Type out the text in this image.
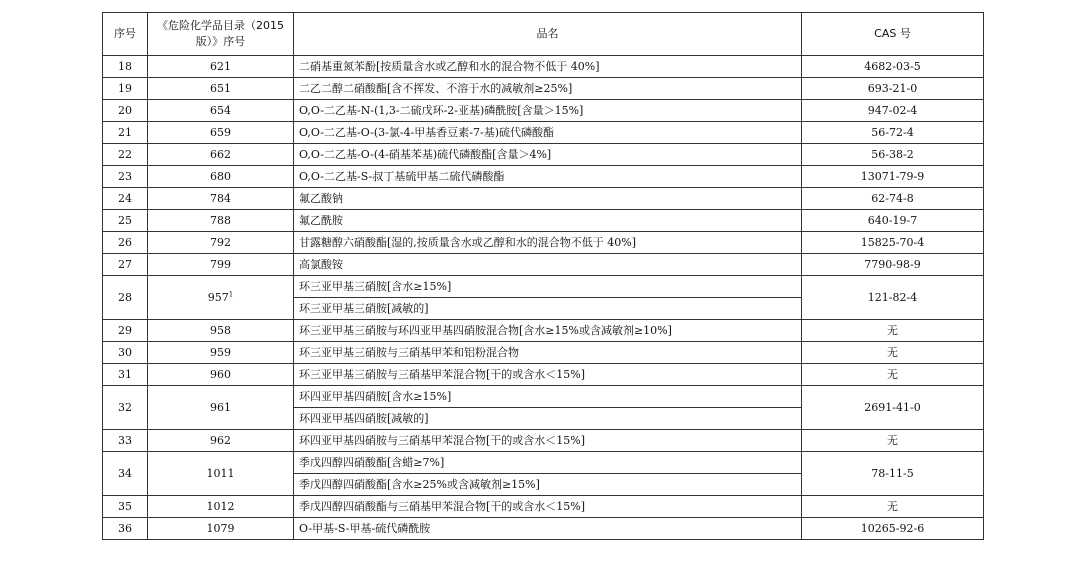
序号	《危险化学品目录（2015版）》序号	品名	CAS 号
18	621	二硝基重氮苯酚[按质量含水或乙醇和水的混合物不低于 40%]	4682-03-5
19	651	二乙二醇二硝酸酯[含不挥发、不溶于水的减敏剂≥25%]	693-21-0
20	654	O,O-二乙基-N-(1,3-二硫戊环-2-亚基)磷酰胺[含量＞15%]	947-02-4
21	659	O,O-二乙基-O-(3-氯-4-甲基香豆素-7-基)硫代磷酸酯	56-72-4
22	662	O,O-二乙基-O-(4-硝基苯基)硫代磷酸酯[含量＞4%]	56-38-2
23	680	O,O-二乙基-S-叔丁基硫甲基二硫代磷酸酯	13071-79-9
24	784	氟乙酸钠	62-74-8
25	788	氟乙酰胺	640-19-7
26	792	甘露糖醇六硝酸酯[湿的,按质量含水或乙醇和水的混合物不低于 40%]	15825-70-4
27	799	高氯酸铵	7790-98-9
28	$957^1$	环三亚甲基三硝胺[含水≥15%]	121-82-4
		环三亚甲基三硝胺[减敏的]	
29	958	环三亚甲基三硝胺与环四亚甲基四硝胺混合物[含水≥15%或含减敏剂≥10%]	无
30	959	环三亚甲基三硝胺与三硝基甲苯和铝粉混合物	无
31	960	环三亚甲基三硝胺与三硝基甲苯混合物[干的或含水＜15%]	无
32	961	环四亚甲基四硝胺[含水≥15%]	2691-41-0
		环四亚甲基四硝胺[减敏的]	
33	962	环四亚甲基四硝胺与三硝基甲苯混合物[干的或含水＜15%]	无
34	1011	季戊四醇四硝酸酯[含蜡≥7%]	78-11-5
		季戊四醇四硝酸酯[含水≥25%或含减敏剂≥15%]	
35	1012	季戊四醇四硝酸酯与三硝基甲苯混合物[干的或含水＜15%]	无
36	1079	O-甲基-S-甲基-硫代磷酰胺	10265-92-6
